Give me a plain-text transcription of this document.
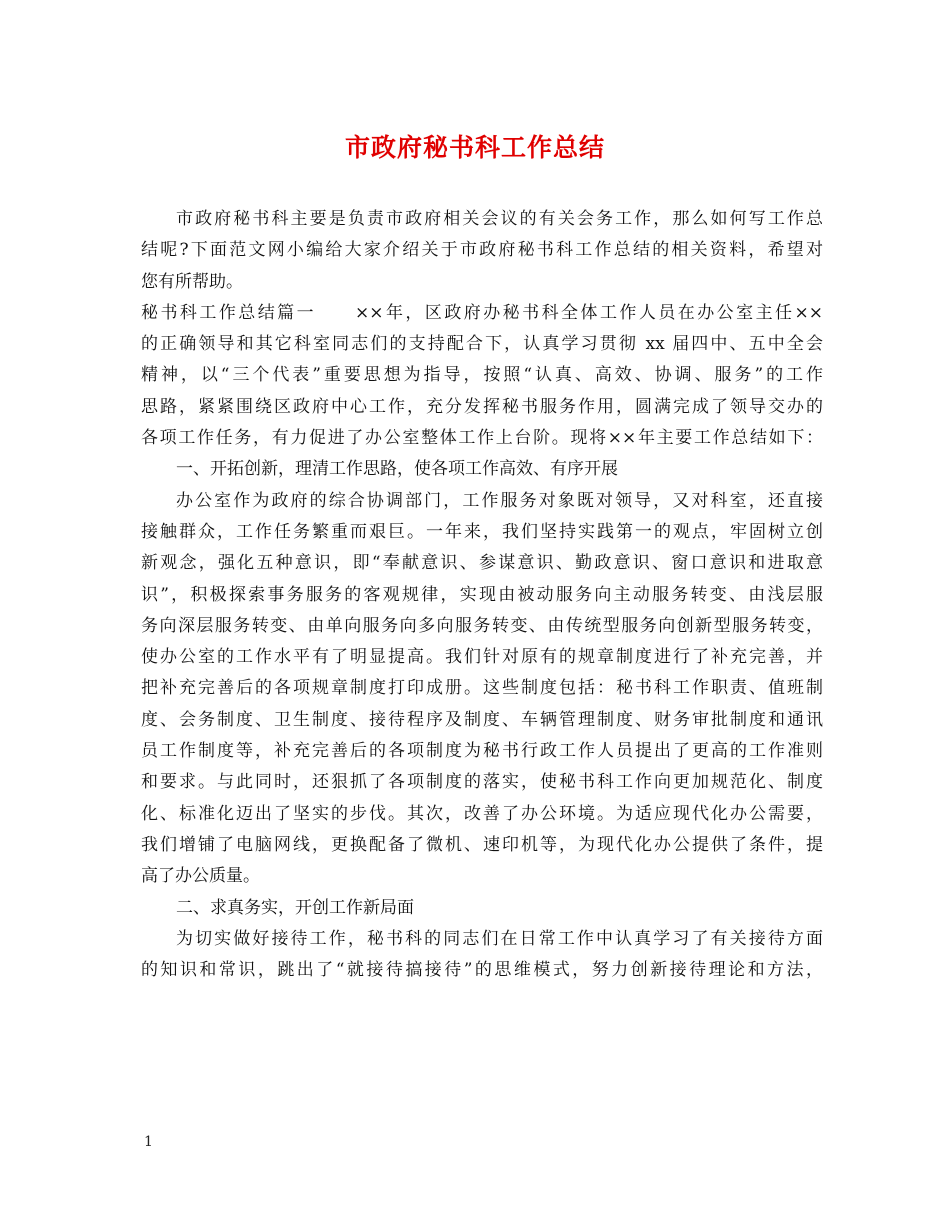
市政府秘书科工作总结
市政府秘书科主要是负责市政府相关会议的有关会务工作，那么如何写工作总
结呢?下面范文网小编给大家介绍关于市政府秘书科工作总结的相关资料，希望对
您有所帮助。
秘书科工作总结篇一　　××年，区政府办秘书科全体工作人员在办公室主任××
的正确领导和其它科室同志们的支持配合下，认真学习贯彻 xx 届四中、五中全会
精神，以“三个代表”重要思想为指导，按照“认真、高效、协调、服务”的工作
思路，紧紧围绕区政府中心工作，充分发挥秘书服务作用，圆满完成了领导交办的
各项工作任务，有力促进了办公室整体工作上台阶。现将××年主要工作总结如下：
一、开拓创新，理清工作思路，使各项工作高效、有序开展
办公室作为政府的综合协调部门，工作服务对象既对领导，又对科室，还直接
接触群众，工作任务繁重而艰巨。一年来，我们坚持实践第一的观点，牢固树立创
新观念，强化五种意识，即“奉献意识、参谋意识、勤政意识、窗口意识和进取意
识”，积极探索事务服务的客观规律，实现由被动服务向主动服务转变、由浅层服
务向深层服务转变、由单向服务向多向服务转变、由传统型服务向创新型服务转变，
使办公室的工作水平有了明显提高。我们针对原有的规章制度进行了补充完善，并
把补充完善后的各项规章制度打印成册。这些制度包括：秘书科工作职责、值班制
度、会务制度、卫生制度、接待程序及制度、车辆管理制度、财务审批制度和通讯
员工作制度等，补充完善后的各项制度为秘书行政工作人员提出了更高的工作准则
和要求。与此同时，还狠抓了各项制度的落实，使秘书科工作向更加规范化、制度
化、标准化迈出了坚实的步伐。其次，改善了办公环境。为适应现代化办公需要，
我们增铺了电脑网线，更换配备了微机、速印机等，为现代化办公提供了条件，提
高了办公质量。
二、求真务实，开创工作新局面
为切实做好接待工作，秘书科的同志们在日常工作中认真学习了有关接待方面
的知识和常识，跳出了“就接待搞接待”的思维模式，努力创新接待理论和方法，
1
